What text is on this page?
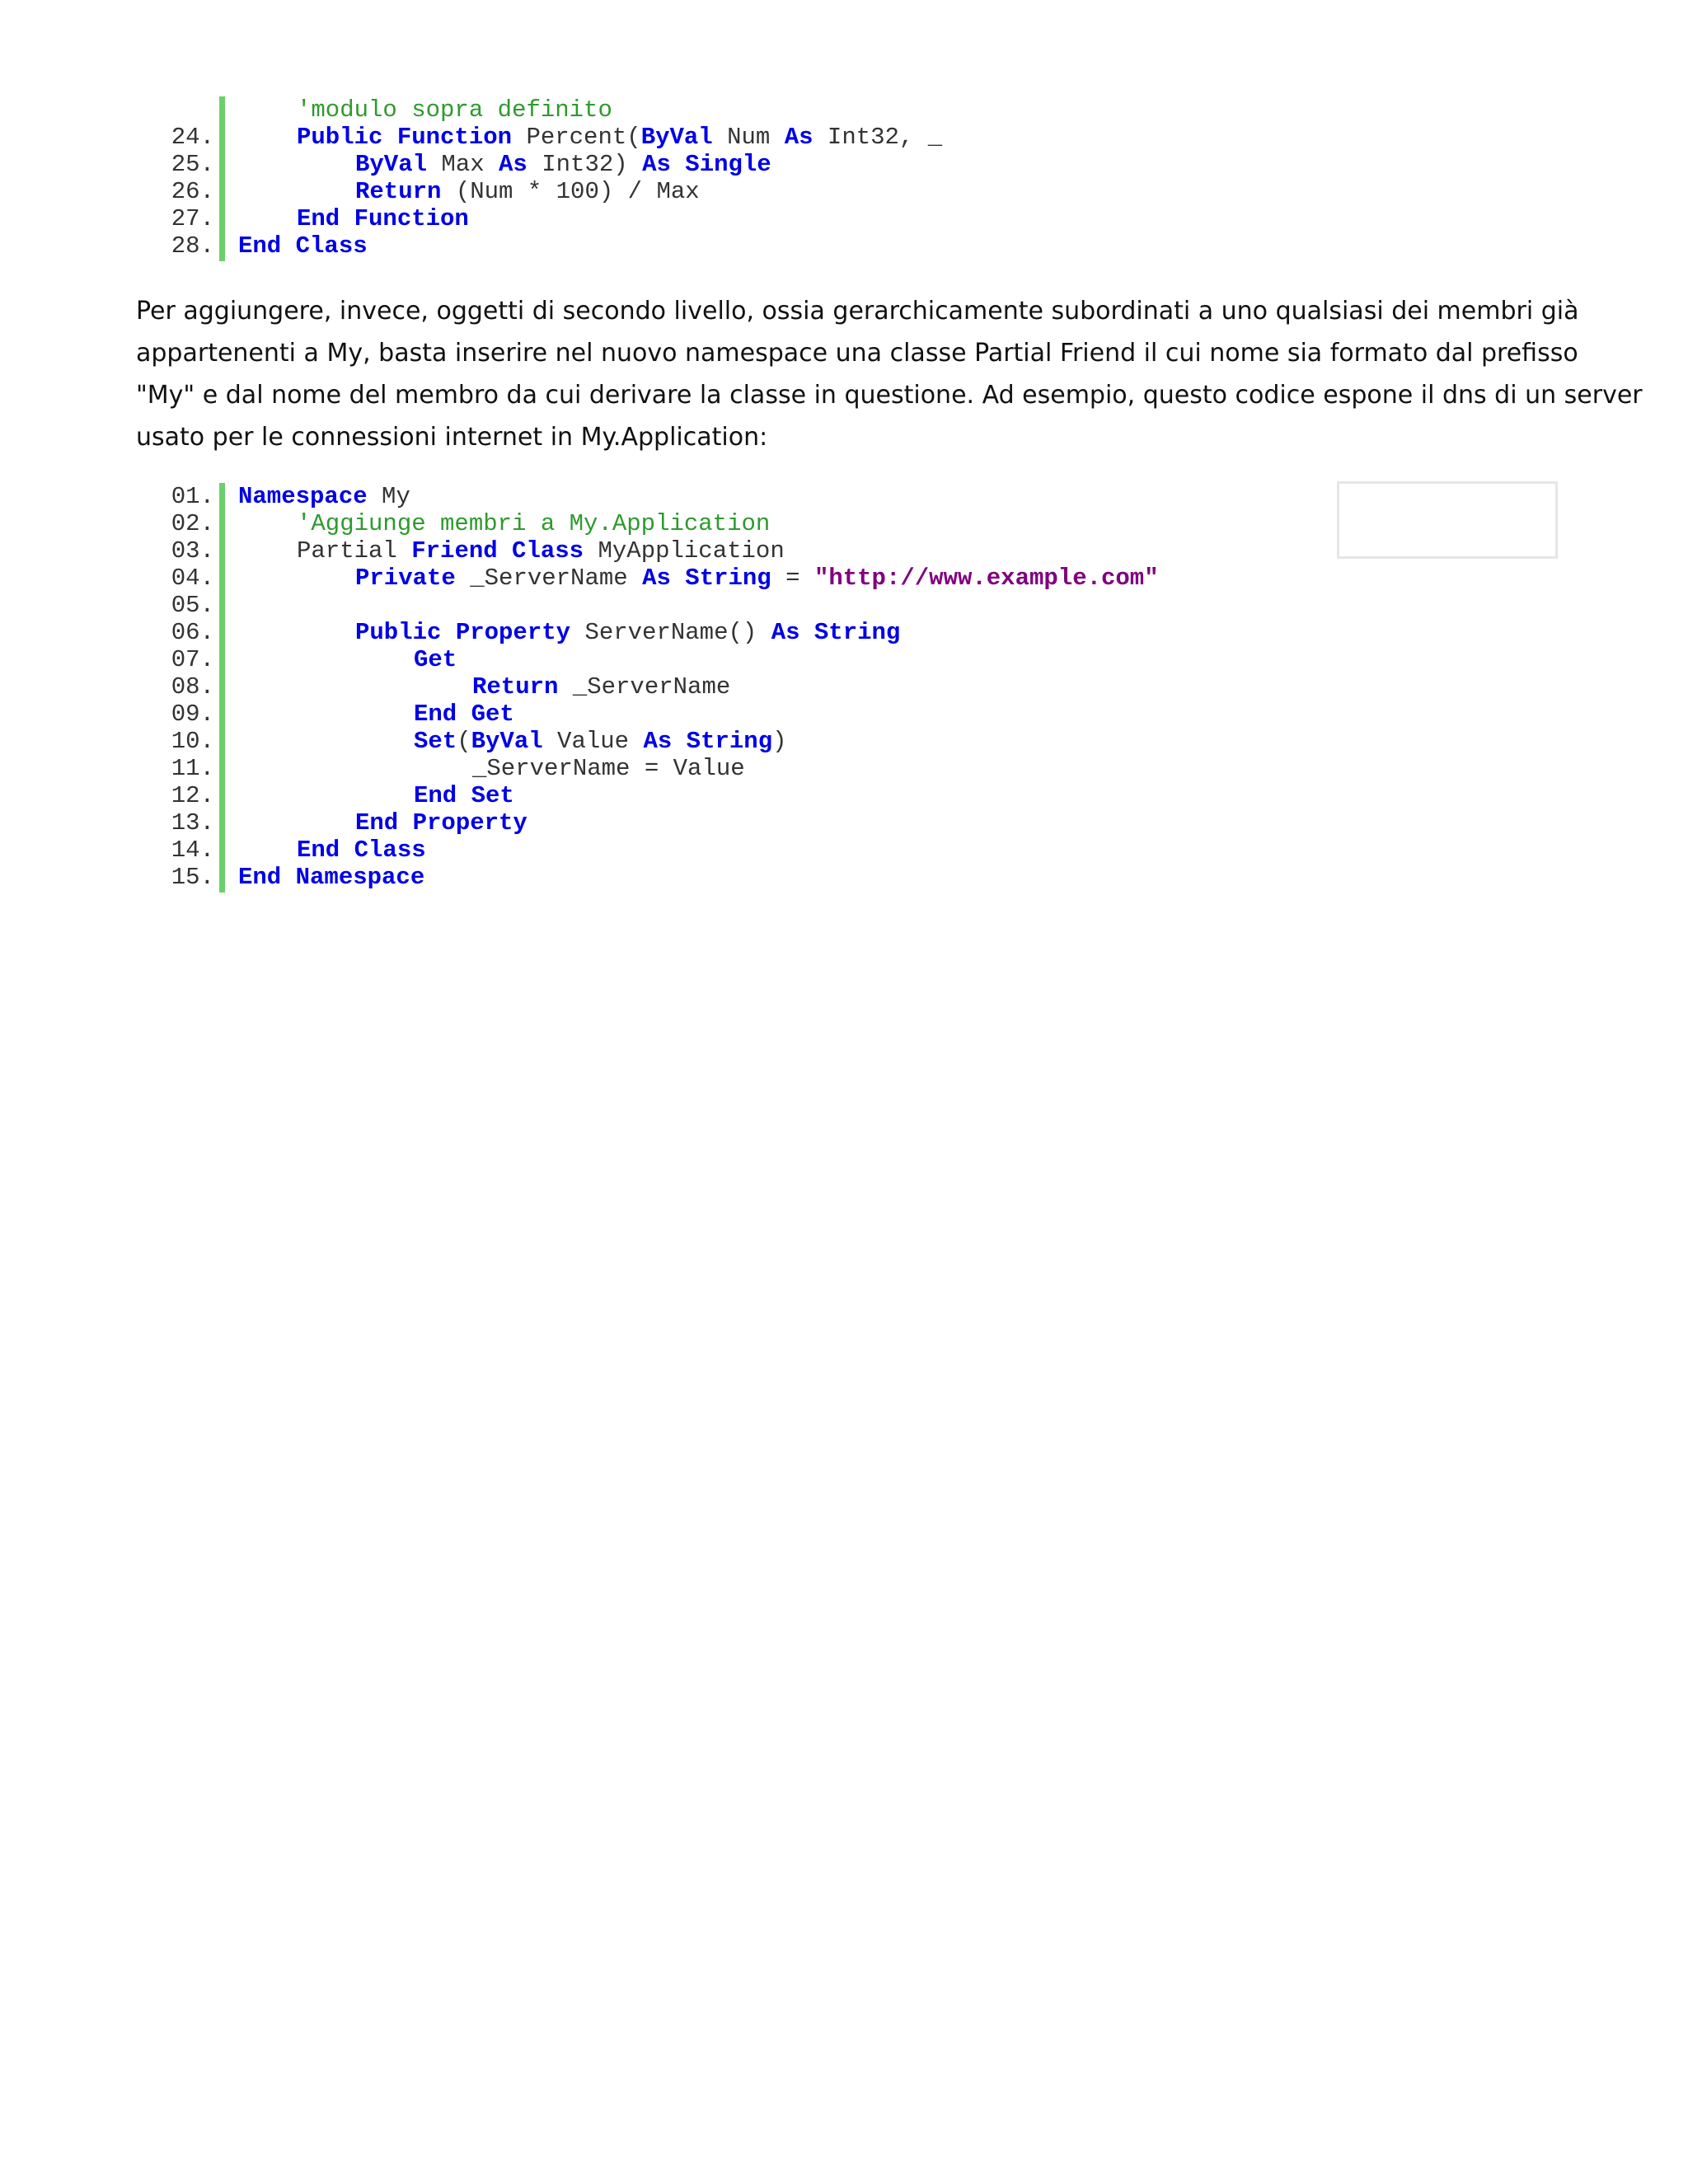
'modulo sopra definito
24.	Public Function Percent(ByVal Num As Int32, _
25.	ByVal Max As Int32) As Single
26.	Return (Num * 100) / Max
27.	End Function
28. End Class
Per aggiungere, invece, oggetti di secondo livello, ossia gerarchicamente subordinati a uno qualsiasi dei membri già
appartenenti a My, basta inserire nel nuovo namespace una classe Partial Friend il cui nome sia formato dal prefisso
"My" e dal nome del membro da cui derivare la classe in questione. Ad esempio, questo codice espone il dns di un server
usato per le connessioni internet in My.Application:
01. Namespace My
02.	'Aggiunge membri a My.Application
03.	Partial Friend Class MyApplication
04.	Private _ServerName As String = "http://www.example.com"
05.
06.	Public Property ServerName() As String
07.	Get
08.	Return _ServerName
09.	End Get
10.	Set(ByVal Value As String)
11.	_ServerName = Value
12.	End Set
13.	End Property
14.	End Class
15. End Namespace
